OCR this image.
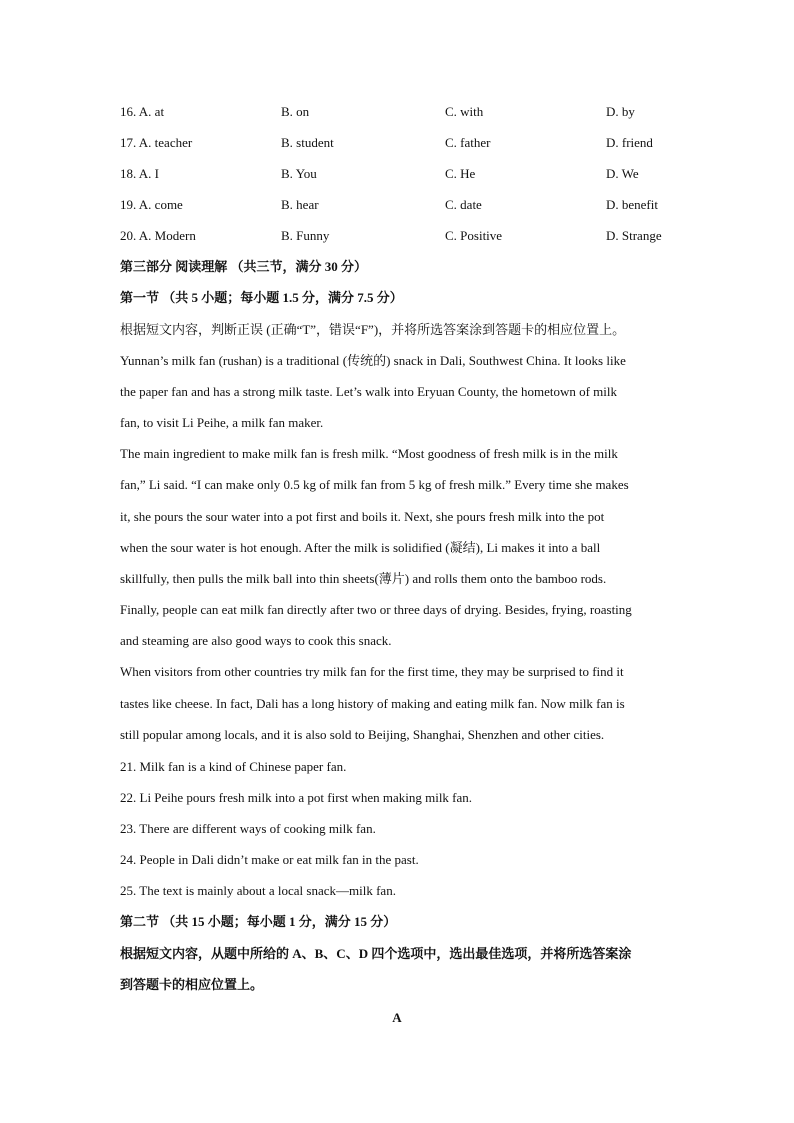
16. A. at	B. on	C. with	D. by
17. A. teacher	B. student	C. father	D. friend
18. A. I	B. You	C. He	D. We
19. A. come	B. hear	C. date	D. benefit
20. A. Modern	B. Funny	C. Positive	D. Strange
第三部分 阅读理解 （共三节，满分 30 分）
第一节 （共 5 小题；每小题 1.5 分，满分 7.5 分）
根据短文内容，判断正误 (正确“T”，错误“F”)，并将所选答案涂到答题卡的相应位置上。
Yunnan’s milk fan (rushan) is a traditional (传统的) snack in Dali, Southwest China. It looks like
the paper fan and has a strong milk taste. Let’s walk into Eryuan County, the hometown of milk
fan, to visit Li Peihe, a milk fan maker.
The main ingredient to make milk fan is fresh milk. “Most goodness of fresh milk is in the milk
fan,” Li said. “I can make only 0.5 kg of milk fan from 5 kg of fresh milk.” Every time she makes
it, she pours the sour water into a pot first and boils it. Next, she pours fresh milk into the pot
when the sour water is hot enough. After the milk is solidified (凝结), Li makes it into a ball
skillfully, then pulls the milk ball into thin sheets(薄片) and rolls them onto the bamboo rods.
Finally, people can eat milk fan directly after two or three days of drying. Besides, frying, roasting
and steaming are also good ways to cook this snack.
When visitors from other countries try milk fan for the first time, they may be surprised to find it
tastes like cheese. In fact, Dali has a long history of making and eating milk fan. Now milk fan is
still popular among locals, and it is also sold to Beijing, Shanghai, Shenzhen and other cities.
21. Milk fan is a kind of Chinese paper fan.
22. Li Peihe pours fresh milk into a pot first when making milk fan.
23. There are different ways of cooking milk fan.
24. People in Dali didn’t make or eat milk fan in the past.
25. The text is mainly about a local snack—milk fan.
第二节 （共 15 小题；每小题 1 分，满分 15 分）
根据短文内容，从题中所给的 A、B、C、D 四个选项中，选出最佳选项，并将所选答案涂
到答题卡的相应位置上。
A
